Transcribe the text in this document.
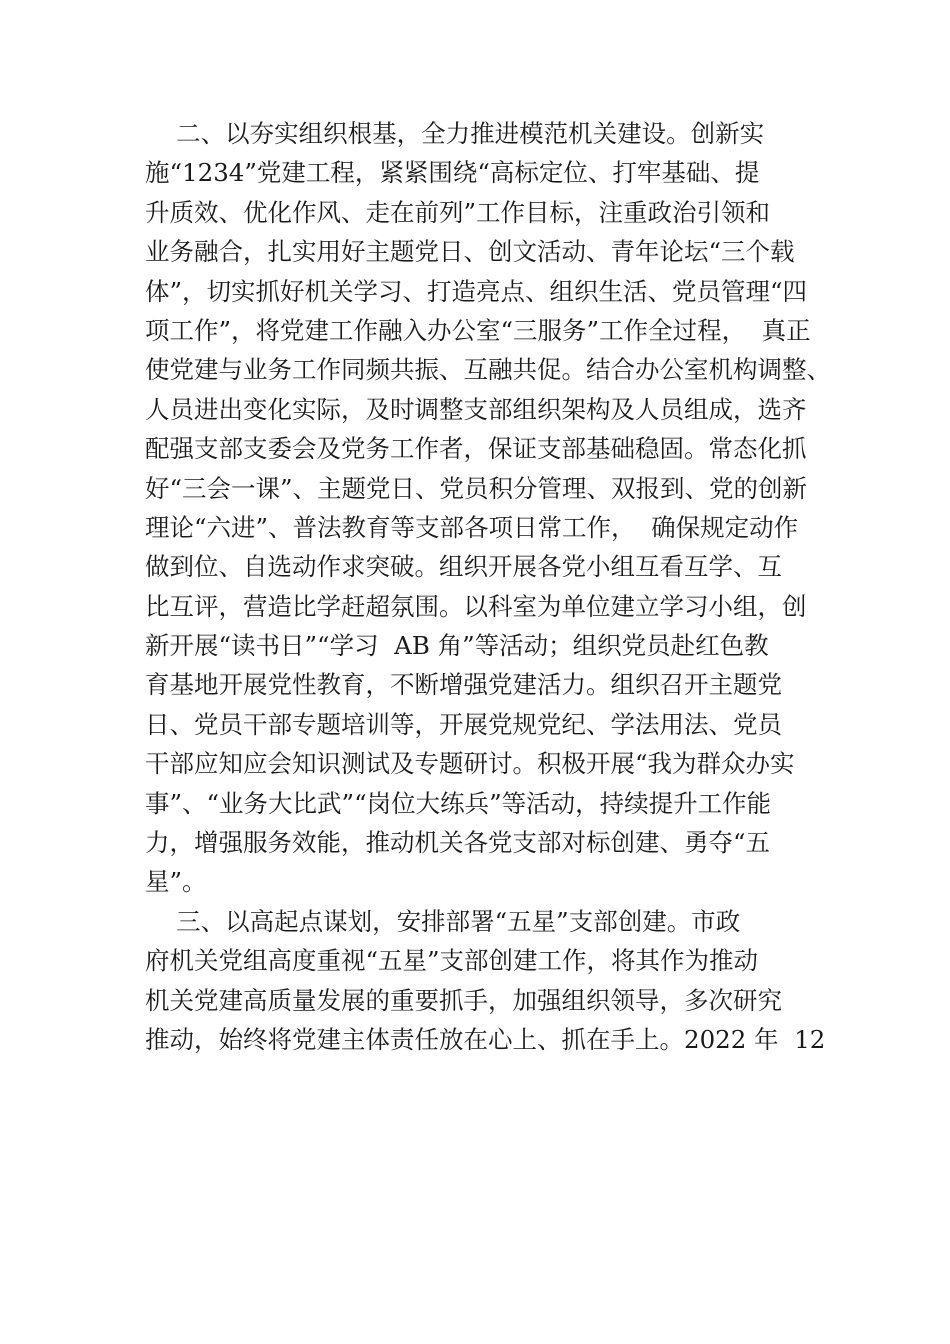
二、以夯实组织根基，全力推进模范机关建设。创新实
施“1234”党建工程，紧紧围绕“高标定位、打牢基础、提
升质效、优化作风、走在前列”工作目标，注重政治引领和
业务融合，扎实用好主题党日、创文活动、青年论坛“三个载
体”，切实抓好机关学习、打造亮点、组织生活、党员管理“四
项工作”，将党建工作融入办公室“三服务”工作全过程，  真正
使党建与业务工作同频共振、互融共促。结合办公室机构调整、
人员进出变化实际，及时调整支部组织架构及人员组成，选齐
配强支部支委会及党务工作者，保证支部基础稳固。常态化抓
好“三会一课”、主题党日、党员积分管理、双报到、党的创新
理论“六进”、普法教育等支部各项日常工作，  确保规定动作
做到位、自选动作求突破。组织开展各党小组互看互学、互
比互评，营造比学赶超氛围。以科室为单位建立学习小组，创
新开展“读书日”“学习  AB 角”等活动；组织党员赴红色教
育基地开展党性教育，不断增强党建活力。组织召开主题党
日、党员干部专题培训等，开展党规党纪、学法用法、党员
干部应知应会知识测试及专题研讨。积极开展“我为群众办实
事”、“业务大比武”“岗位大练兵”等活动，持续提升工作能
力，增强服务效能，推动机关各党支部对标创建、勇夺“五
星”。
三、以高起点谋划，安排部署“五星”支部创建。市政
府机关党组高度重视“五星”支部创建工作，将其作为推动
机关党建高质量发展的重要抓手，加强组织领导，多次研究
推动，始终将党建主体责任放在心上、抓在手上。2022 年  12
